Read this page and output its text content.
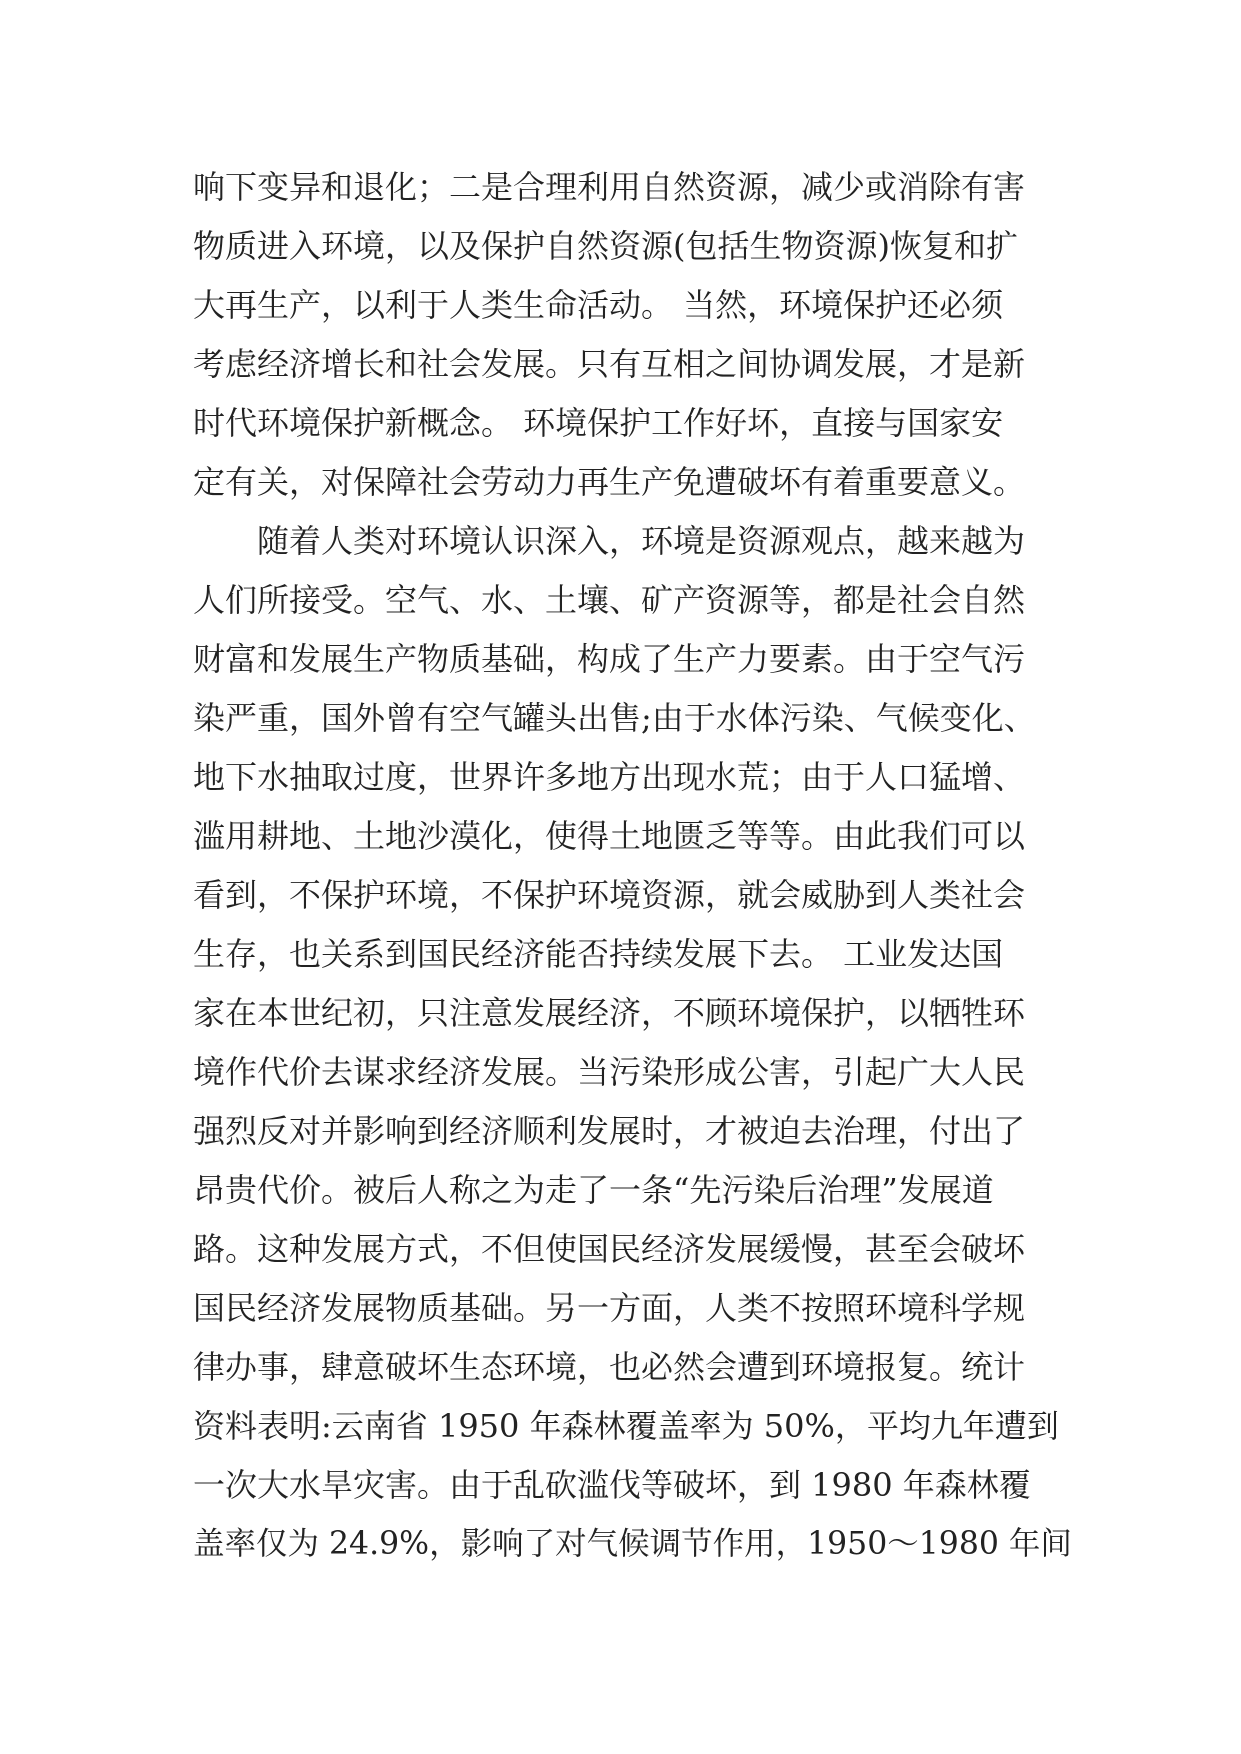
响下变异和退化；二是合理利用自然资源，减少或消除有害
物质进入环境，以及保护自然资源(包括生物资源)恢复和扩
大再生产，以利于人类生命活动。 当然，环境保护还必须
考虑经济增长和社会发展。只有互相之间协调发展，才是新
时代环境保护新概念。 环境保护工作好坏，直接与国家安
定有关，对保障社会劳动力再生产免遭破坏有着重要意义。
随着人类对环境认识深入，环境是资源观点，越来越为
人们所接受。空气、水、土壤、矿产资源等，都是社会自然
财富和发展生产物质基础，构成了生产力要素。由于空气污
染严重，国外曾有空气罐头出售;由于水体污染、气候变化、
地下水抽取过度，世界许多地方出现水荒；由于人口猛增、
滥用耕地、土地沙漠化，使得土地匮乏等等。由此我们可以
看到，不保护环境，不保护环境资源，就会威胁到人类社会
生存，也关系到国民经济能否持续发展下去。 工业发达国
家在本世纪初，只注意发展经济，不顾环境保护，以牺牲环
境作代价去谋求经济发展。当污染形成公害，引起广大人民
强烈反对并影响到经济顺利发展时，才被迫去治理，付出了
昂贵代价。被后人称之为走了一条“先污染后治理”发展道
路。这种发展方式，不但使国民经济发展缓慢，甚至会破坏
国民经济发展物质基础。另一方面，人类不按照环境科学规
律办事，肆意破坏生态环境，也必然会遭到环境报复。统计
资料表明:云南省 1950 年森林覆盖率为 50%，平均九年遭到
一次大水旱灾害。由于乱砍滥伐等破坏，到 1980 年森林覆
盖率仅为 24.9%，影响了对气候调节作用，1950～1980 年间
